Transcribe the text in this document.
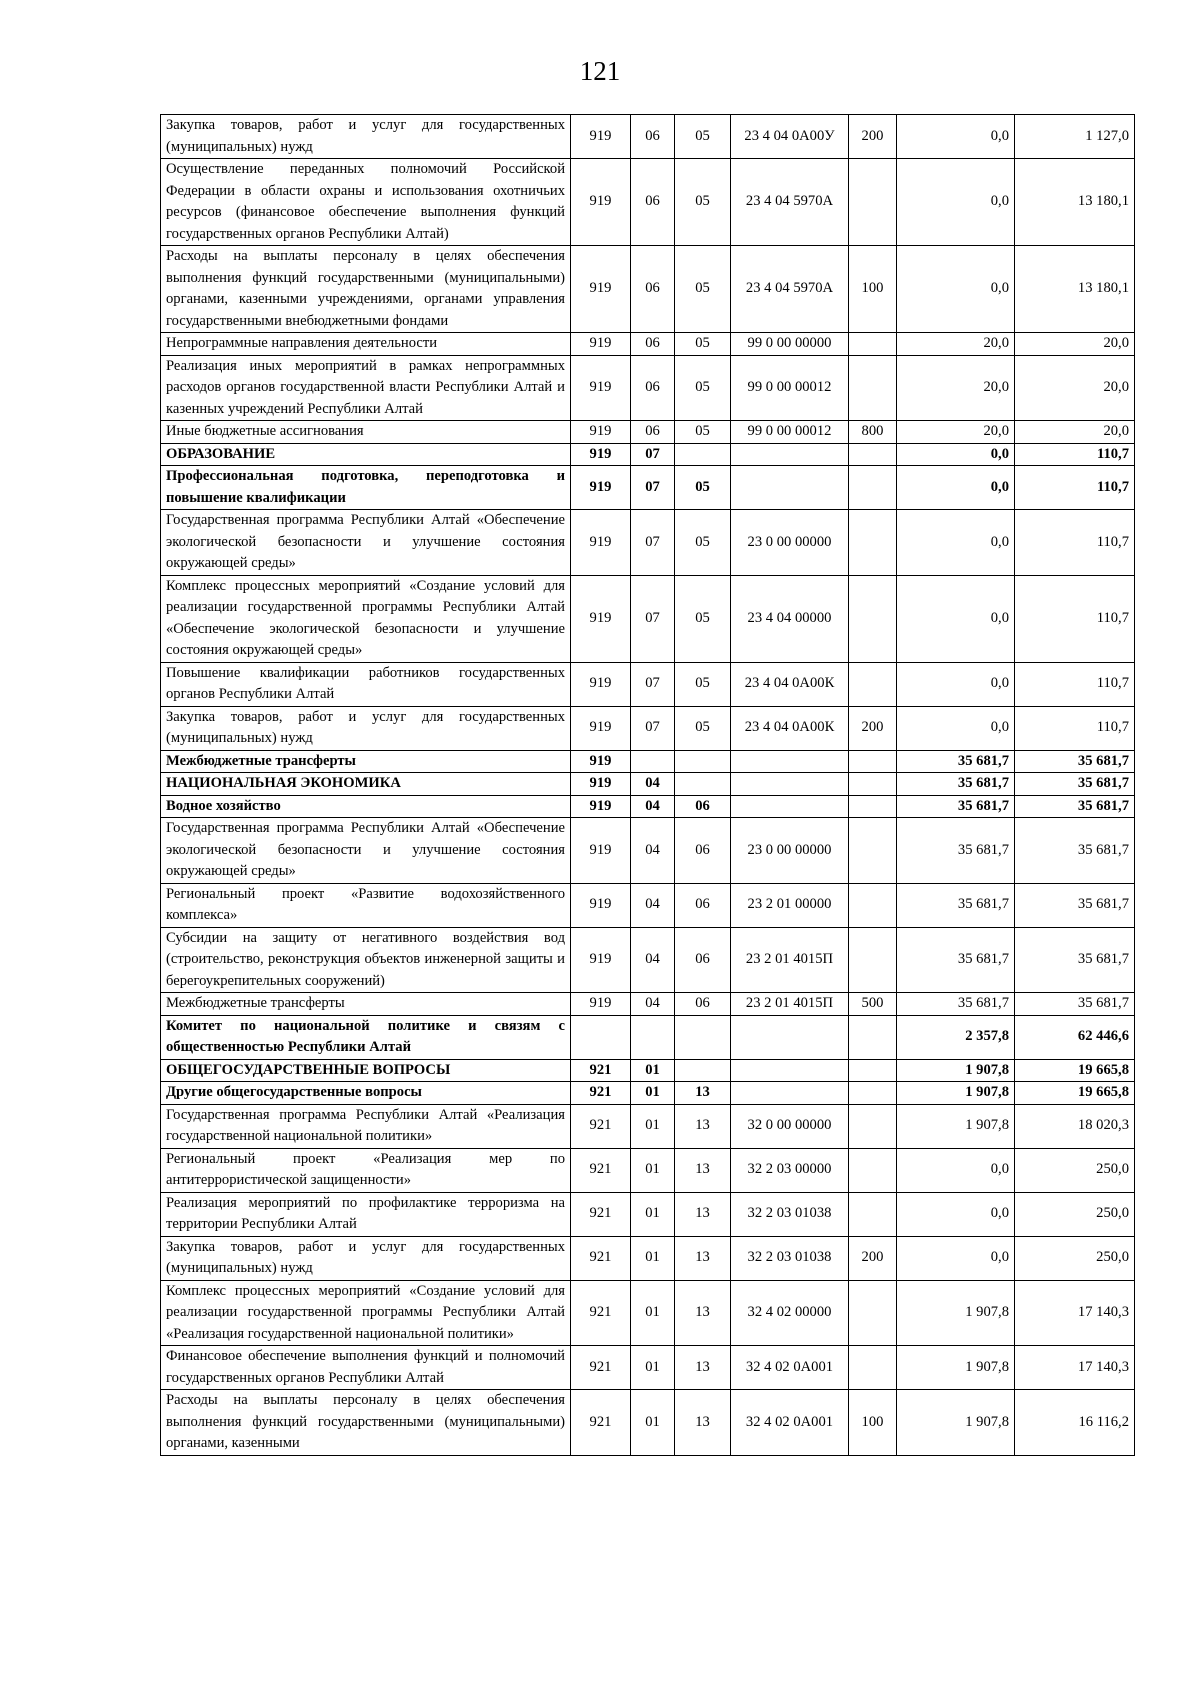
121
Закупка товаров, работ и услуг для государственных (муниципальных) нужд	919	06	05	23 4 04 0А00У	200	0,0	1 127,0
Осуществление переданных полномочий Российской Федерации в области охраны и использования охотничьих ресурсов (финансовое обеспечение выполнения функций государственных органов Республики Алтай)	919	06	05	23 4 04 5970А		0,0	13 180,1
Расходы на выплаты персоналу в целях обеспечения выполнения функций государственными (муниципальными) органами, казенными учреждениями, органами управления государственными внебюджетными фондами	919	06	05	23 4 04 5970А	100	0,0	13 180,1
Непрограммные направления деятельности	919	06	05	99 0 00 00000		20,0	20,0
Реализация иных мероприятий в рамках непрограммных расходов органов государственной власти Республики Алтай и казенных учреждений Республики Алтай	919	06	05	99 0 00 00012		20,0	20,0
Иные бюджетные ассигнования	919	06	05	99 0 00 00012	800	20,0	20,0
ОБРАЗОВАНИЕ	919	07				0,0	110,7
Профессиональная подготовка, переподготовка и повышение квалификации	919	07	05			0,0	110,7
Государственная программа Республики Алтай «Обеспечение экологической безопасности и улучшение состояния окружающей среды»	919	07	05	23 0 00 00000		0,0	110,7
Комплекс процессных мероприятий «Создание условий для реализации государственной программы Республики Алтай «Обеспечение экологической безопасности и улучшение состояния окружающей среды»	919	07	05	23 4 04 00000		0,0	110,7
Повышение квалификации работников государственных органов Республики Алтай	919	07	05	23 4 04 0А00К		0,0	110,7
Закупка товаров, работ и услуг для государственных (муниципальных) нужд	919	07	05	23 4 04 0А00К	200	0,0	110,7
Межбюджетные трансферты	919					35 681,7	35 681,7
НАЦИОНАЛЬНАЯ ЭКОНОМИКА	919	04				35 681,7	35 681,7
Водное хозяйство	919	04	06			35 681,7	35 681,7
Государственная программа Республики Алтай «Обеспечение экологической безопасности и улучшение состояния окружающей среды»	919	04	06	23 0 00 00000		35 681,7	35 681,7
Региональный проект «Развитие водохозяйственного комплекса»	919	04	06	23 2 01 00000		35 681,7	35 681,7
Субсидии на защиту от негативного воздействия вод (строительство, реконструкция объектов инженерной защиты и берегоукрепительных сооружений)	919	04	06	23 2 01 4015П		35 681,7	35 681,7
Межбюджетные трансферты	919	04	06	23 2 01 4015П	500	35 681,7	35 681,7
Комитет по национальной политике и связям с общественностью Республики Алтай						2 357,8	62 446,6
ОБЩЕГОСУДАРСТВЕННЫЕ ВОПРОСЫ	921	01				1 907,8	19 665,8
Другие общегосударственные вопросы	921	01	13			1 907,8	19 665,8
Государственная программа Республики Алтай «Реализация государственной национальной политики»	921	01	13	32 0 00 00000		1 907,8	18 020,3
Региональный проект «Реализация мер по антитеррористической защищенности»	921	01	13	32 2 03 00000		0,0	250,0
Реализация мероприятий по профилактике терроризма на территории Республики Алтай	921	01	13	32 2 03 01038		0,0	250,0
Закупка товаров, работ и услуг для государственных (муниципальных) нужд	921	01	13	32 2 03 01038	200	0,0	250,0
Комплекс процессных мероприятий «Создание условий для реализации государственной программы Республики Алтай «Реализация государственной национальной политики»	921	01	13	32 4 02 00000		1 907,8	17 140,3
Финансовое обеспечение выполнения функций и полномочий государственных органов Республики Алтай	921	01	13	32 4 02 0А001		1 907,8	17 140,3
Расходы на выплаты персоналу в целях обеспечения выполнения функций государственными (муниципальными) органами, казенными	921	01	13	32 4 02 0А001	100	1 907,8	16 116,2
